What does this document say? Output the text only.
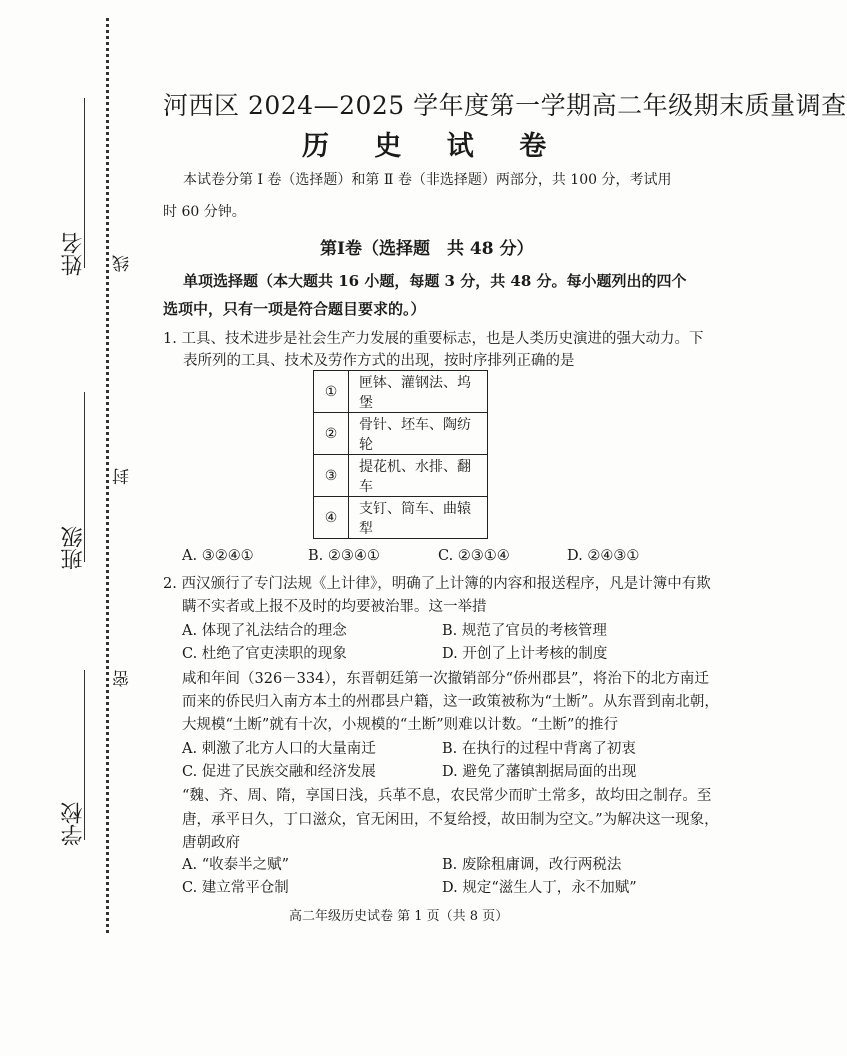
姓名
班级
学校
线
封
密
河西区 2024—2025 学年度第一学期高二年级期末质量调查
历 史 试 卷
本试卷分第 Ⅰ 卷（选择题）和第 Ⅱ 卷（非选择题）两部分，共 100 分，考试用
时 60 分钟。
第Ⅰ卷（选择题　共 48 分）
单项选择题（本大题共 16 小题，每题 3 分，共 48 分。每小题列出的四个
选项中，只有一项是符合题目要求的。）
1. 工具、技术进步是社会生产力发展的重要标志，也是人类历史演进的强大动力。下
表所列的工具、技术及劳作方式的出现，按时序排列正确的是
①	匣钵、灌钢法、坞堡
②	骨针、坯车、陶纺轮
③	提花机、水排、翻车
④	支钉、筒车、曲辕犁
A. ③②④①	B. ②③④①	C. ②③①④	D. ②④③①
2. 西汉颁行了专门法规《上计律》，明确了上计簿的内容和报送程序，凡是计簿中有欺
瞒不实者或上报不及时的均要被治罪。这一举措
A. 体现了礼法结合的理念	B. 规范了官员的考核管理
C. 杜绝了官吏渎职的现象	D. 开创了上计考核的制度
咸和年间（326－334），东晋朝廷第一次撤销部分“侨州郡县”，将治下的北方南迁
而来的侨民归入南方本土的州郡县户籍，这一政策被称为“土断”。从东晋到南北朝，
大规模“土断”就有十次，小规模的“土断”则难以计数。“土断”的推行
A. 刺激了北方人口的大量南迁	B. 在执行的过程中背离了初衷
C. 促进了民族交融和经济发展	D. 避免了藩镇割据局面的出现
“魏、齐、周、隋，享国日浅，兵革不息，农民常少而旷土常多，故均田之制存。至
唐，承平日久，丁口滋众，官无闲田，不复给授，故田制为空文。”为解决这一现象，
唐朝政府
A. “收泰半之赋”	B. 废除租庸调，改行两税法
C. 建立常平仓制	D. 规定“滋生人丁，永不加赋”
高二年级历史试卷 第 1 页（共 8 页）
